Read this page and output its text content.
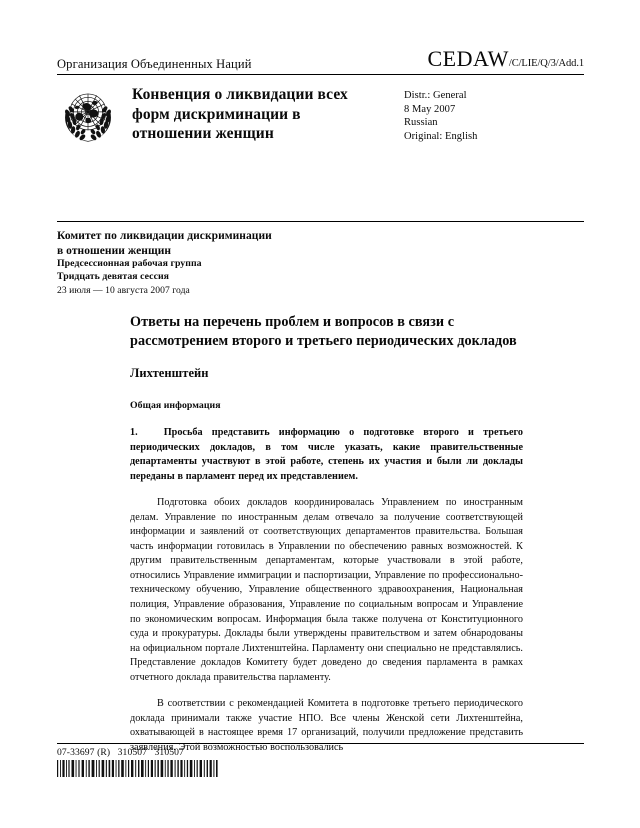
Организация Объединенных Наций	CEDAW /C/LIE/Q/3/Add.1
Конвенция о ликвидации всех
форм дискриминации в
отношении женщин
Distr.: General
8 May 2007
Russian
Original: English
Комитет по ликвидации дискриминации
в отношении женщин
Предсессионная рабочая группа
Тридцать девятая сессия
23 июля — 10 августа 2007 года
Ответы на перечень проблем и вопросов в связи с рассмотрением второго и третьего периодических докладов
Лихтенштейн
Общая информация

1.	Просьба представить информацию о подготовке второго и третьего периодических докладов, в том числе указать, какие правительственные департаменты участвуют в этой работе, степень их участия и были ли доклады переданы в парламент перед их представлением.

Подготовка обоих докладов координировалась Управлением по иностранным делам. Управление по иностранным делам отвечало за получение соответствующей информации и заявлений от соответствующих департаментов правительства. Большая часть информации готовилась в Управлении по обеспечению равных возможностей. К другим правительственным департаментам, которые участвовали в этой работе, относились Управление иммиграции и паспортизации, Управление по профессионально-техническому обучению, Управление общественного здравоохранения, Национальная полиция, Управление образования, Управление по социальным вопросам и Управление по экономическим вопросам. Информация была также получена от Конституционного суда и прокуратуры. Доклады были утверждены правительством и затем обнародованы на официальном портале Лихтенштейна. Парламенту они специально не представлялись. Представление докладов Комитету будет доведено до сведения парламента в рамках отчетного доклада правительства парламенту.

В соответствии с рекомендацией Комитета в подготовке третьего периодического доклада принимали также участие НПО. Все члены Женской сети Лихтенштейна, охватывающей в настоящее время 17 организаций, получили предложение представить заявления. Этой возможностью воспользовались

07-33697 (R)   310507   310507
